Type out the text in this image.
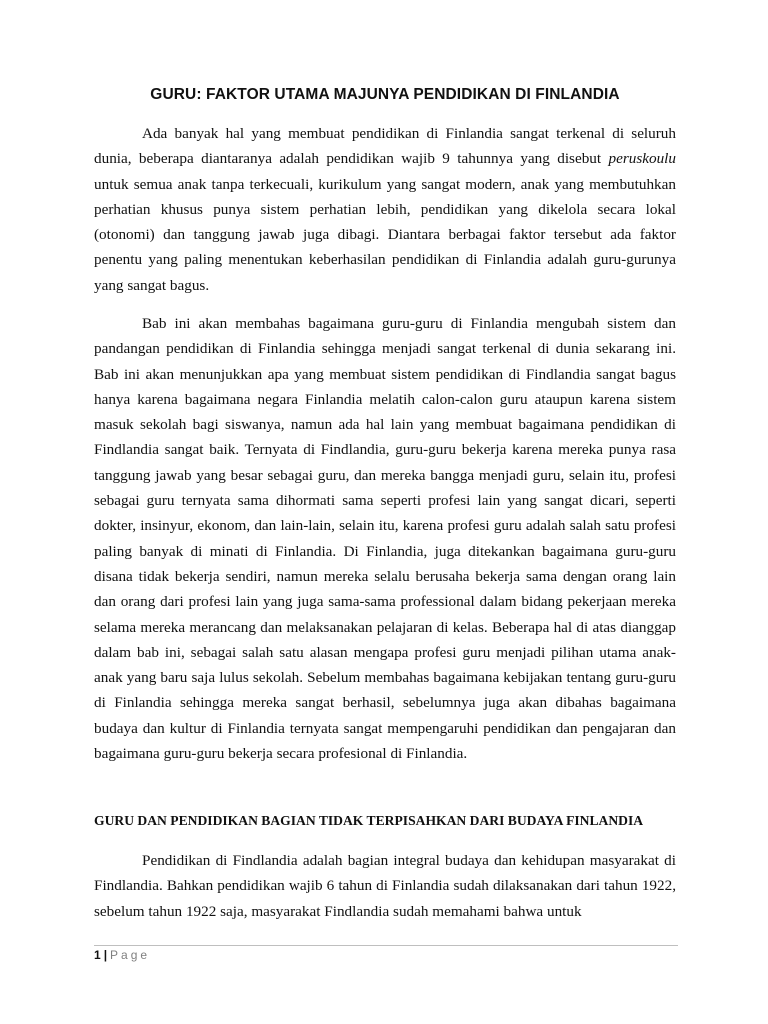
GURU: FAKTOR UTAMA MAJUNYA PENDIDIKAN DI FINLANDIA

Ada banyak hal yang membuat pendidikan di Finlandia sangat terkenal di seluruh dunia, beberapa diantaranya adalah pendidikan wajib 9 tahunnya yang disebut peruskoulu untuk semua anak tanpa terkecuali, kurikulum yang sangat modern, anak yang membutuhkan perhatian khusus punya sistem perhatian lebih, pendidikan yang dikelola secara lokal (otonomi) dan tanggung jawab juga dibagi. Diantara berbagai faktor tersebut ada faktor penentu yang paling menentukan keberhasilan pendidikan di Finlandia adalah guru-gurunya yang sangat bagus.

Bab ini akan membahas bagaimana guru-guru di Finlandia mengubah sistem dan pandangan pendidikan di Finlandia sehingga menjadi sangat terkenal di dunia sekarang ini. Bab ini akan menunjukkan apa yang membuat sistem pendidikan di Findlandia sangat bagus hanya karena bagaimana negara Finlandia melatih calon-calon guru ataupun karena sistem masuk sekolah bagi siswanya, namun ada hal lain yang membuat bagaimana pendidikan di Findlandia sangat baik. Ternyata di Findlandia, guru-guru bekerja karena mereka punya rasa tanggung jawab yang besar sebagai guru, dan mereka bangga menjadi guru, selain itu, profesi sebagai guru ternyata sama dihormati sama seperti profesi lain yang sangat dicari, seperti dokter, insinyur, ekonom, dan lain-lain, selain itu, karena profesi guru adalah salah satu profesi paling banyak di minati di Finlandia. Di Finlandia, juga ditekankan bagaimana guru-guru disana tidak bekerja sendiri, namun mereka selalu berusaha bekerja sama dengan orang lain dan orang dari profesi lain yang juga sama-sama professional dalam bidang pekerjaan mereka selama mereka merancang dan melaksanakan pelajaran di kelas. Beberapa hal di atas dianggap dalam bab ini, sebagai salah satu alasan mengapa profesi guru menjadi pilihan utama anak-anak yang baru saja lulus sekolah. Sebelum membahas bagaimana kebijakan tentang guru-guru di Finlandia sehingga mereka sangat berhasil, sebelumnya juga akan dibahas bagaimana budaya dan kultur di Finlandia ternyata sangat mempengaruhi pendidikan dan pengajaran dan bagaimana guru-guru bekerja secara profesional di Finlandia.

GURU DAN PENDIDIKAN BAGIAN TIDAK TERPISAHKAN DARI BUDAYA FINLANDIA

Pendidikan di Findlandia adalah bagian integral budaya dan kehidupan masyarakat di Findlandia. Bahkan pendidikan wajib 6 tahun di Finlandia sudah dilaksanakan dari tahun 1922, sebelum tahun 1922 saja, masyarakat Findlandia sudah memahami bahwa untuk

1 | Page
